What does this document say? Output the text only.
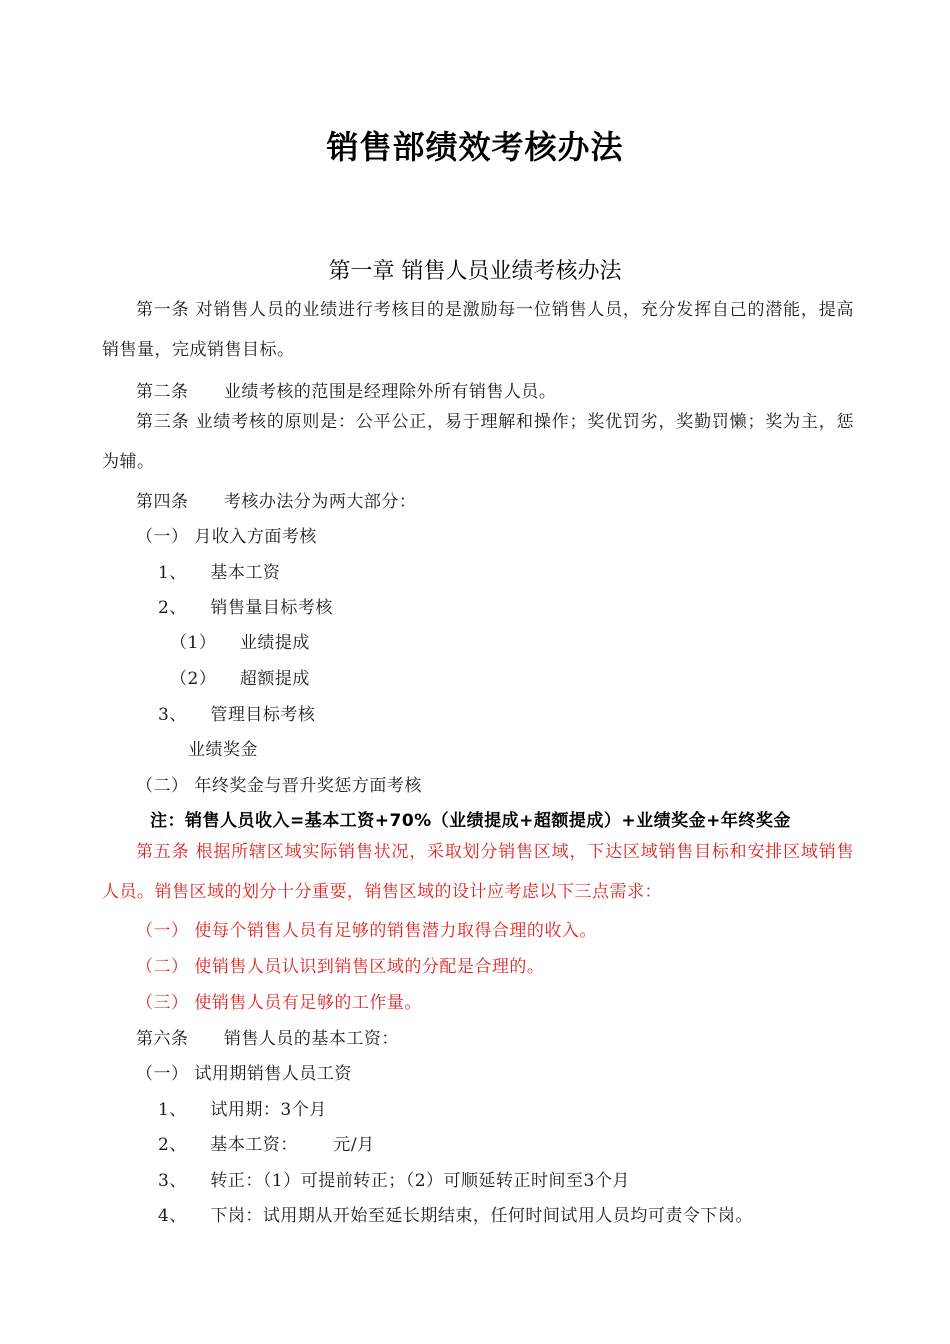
销售部绩效考核办法
第一章 销售人员业绩考核办法
第一条 对销售人员的业绩进行考核目的是激励每一位销售人员，充分发挥自己的潜能，提高销售量，完成销售目标。
第二条      业绩考核的范围是经理除外所有销售人员。
第三条 业绩考核的原则是：公平公正，易于理解和操作；奖优罚劣，奖勤罚懒；奖为主，惩为辅。
第四条      考核办法分为两大部分：
（一） 月收入方面考核
1、    基本工资
2、    销售量目标考核
（1）    业绩提成
（2）    超额提成
3、    管理目标考核
业绩奖金
（二） 年终奖金与晋升奖惩方面考核
注：销售人员收入=基本工资+70%（业绩提成+超额提成）+业绩奖金+年终奖金
第五条 根据所辖区域实际销售状况，采取划分销售区域，下达区域销售目标和安排区域销售人员。销售区域的划分十分重要，销售区域的设计应考虑以下三点需求：
（一） 使每个销售人员有足够的销售潜力取得合理的收入。
（二） 使销售人员认识到销售区域的分配是合理的。
（三） 使销售人员有足够的工作量。
第六条      销售人员的基本工资：
（一） 试用期销售人员工资
1、    试用期：3个月
2、    基本工资：      元/月
3、    转正：（1）可提前转正；（2）可顺延转正时间至3个月
4、    下岗：试用期从开始至延长期结束，任何时间试用人员均可责令下岗。
